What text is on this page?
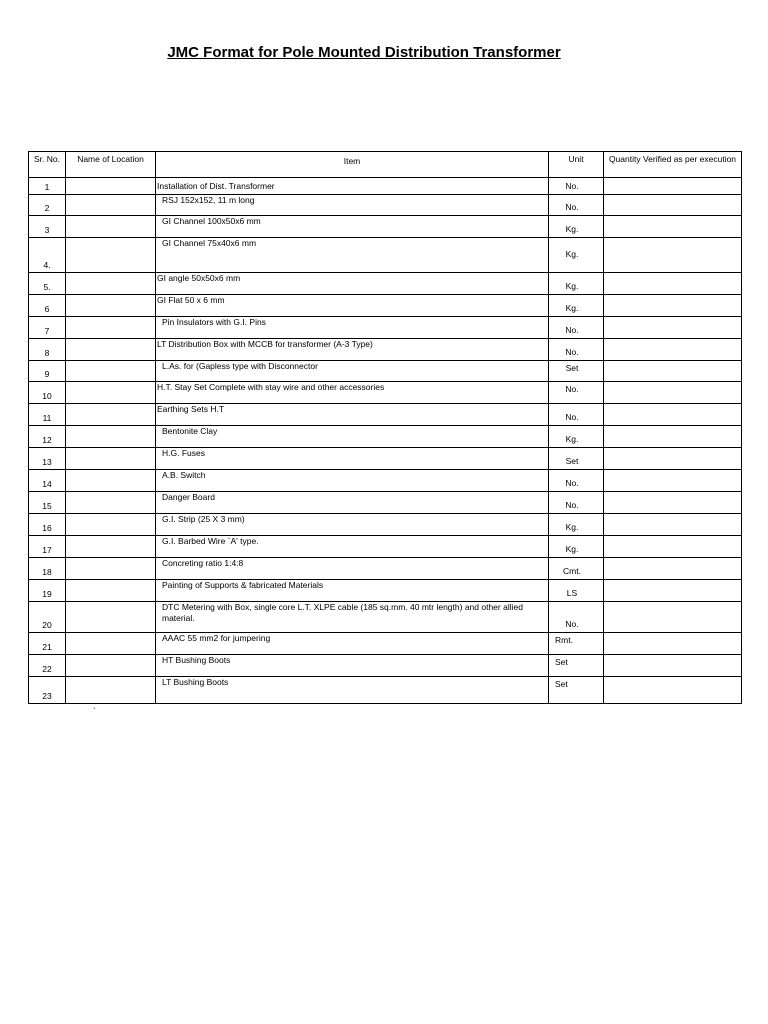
JMC Format for Pole Mounted Distribution Transformer
Sr. No.	Name of Location	Item	Unit	Quantity Verified as per execution
1		Installation of Dist. Transformer	No.	
2		RSJ 152x152, 11 m long	No.	
3		GI Channel 100x50x6 mm	Kg.	
4.		GI Channel 75x40x6 mm	Kg.	
5.		GI angle 50x50x6 mm	Kg.	
6		GI Flat 50 x 6 mm	Kg.	
7		Pin Insulators with G.I. Pins	No.	
8		LT Distribution Box with MCCB for transformer (A-3 Type)	No.	
9		L.As. for (Gapless type with Disconnector	Set	
10		H.T. Stay Set Complete with stay wire and other accessories	No.	
11		Earthing Sets H.T	No.	
12		Bentonite Clay	Kg.	
13		H.G. Fuses	Set	
14		A.B. Switch	No.	
15		Danger Board	No.	
16		G.I. Strip (25 X 3 mm)	Kg.	
17		G.I. Barbed Wire `A' type.	Kg.	
18		Concreting ratio 1:4:8	Cmt.	
19		Painting of Supports & fabricated Materials	LS	
20		DTC Metering with Box, single core L.T. XLPE cable (185 sq.mm. 40 mtr length) and other allied material.	No.	
21		AAAC 55 mm2 for jumpering	Rmt.	
22		HT Bushing Boots	Set	
23		LT Bushing Boots	Set	
`
